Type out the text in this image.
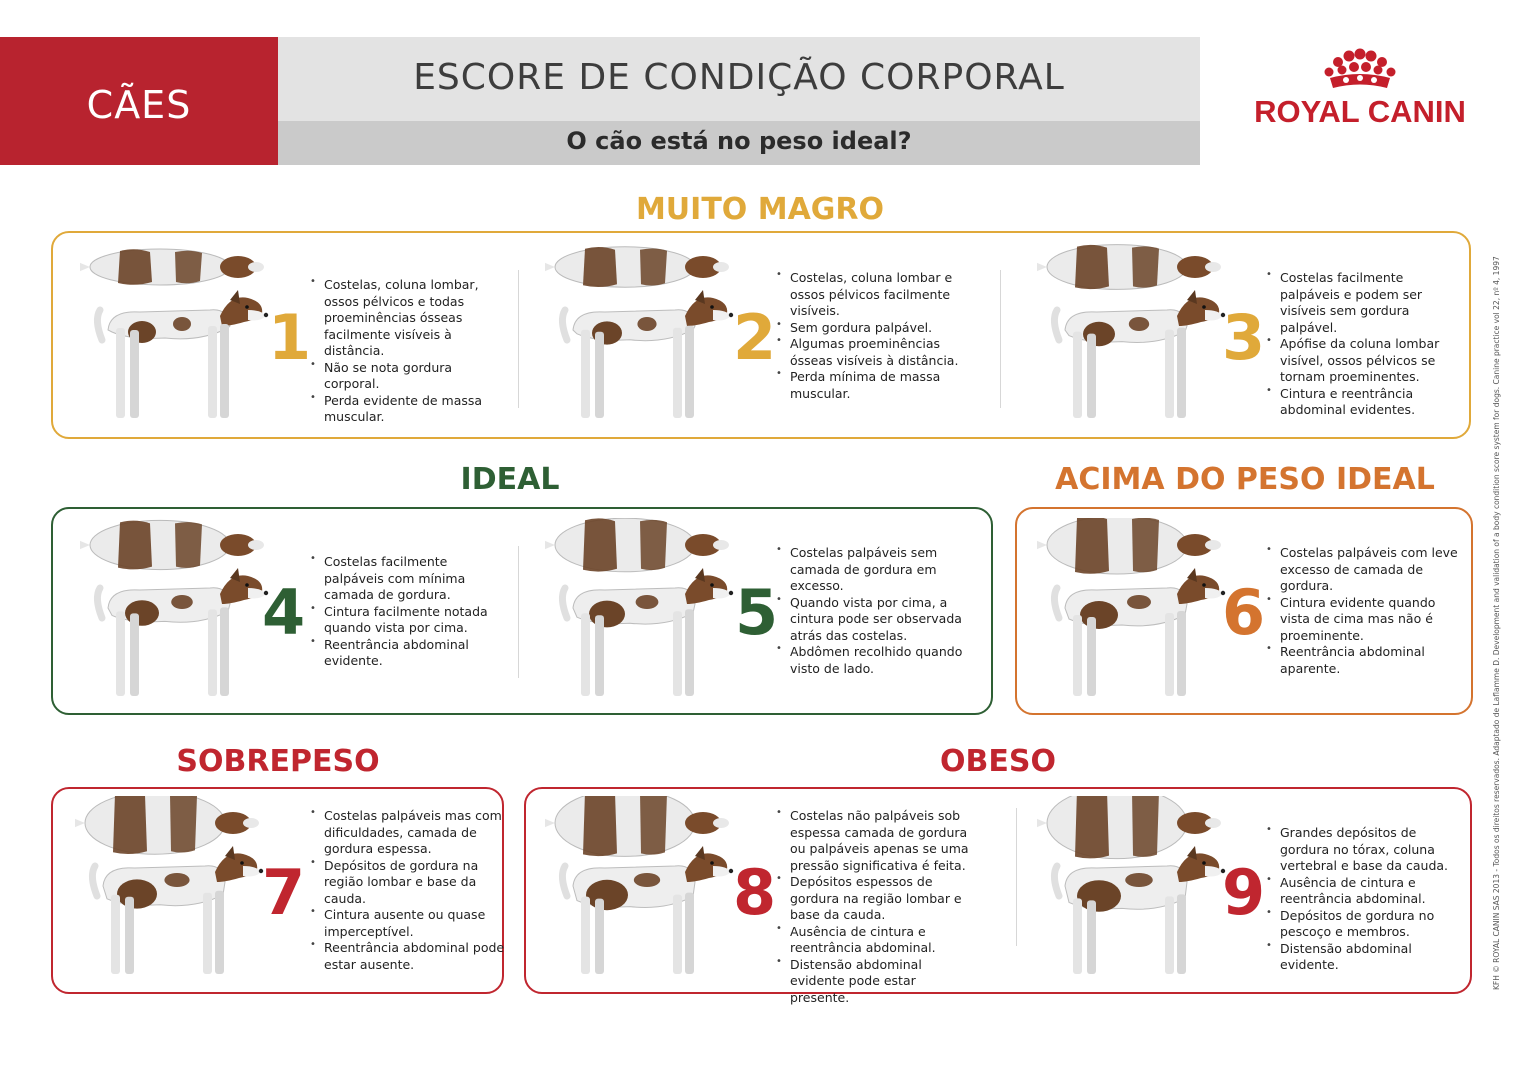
CÃES
ESCORE DE CONDIÇÃO CORPORAL
O cão está no peso ideal?
ROYAL CANIN
MUITO MAGRO
IDEAL	ACIMA DO PESO IDEAL
SOBREPESO	OBESO
1
• Costelas, coluna lombar, ossos pélvicos e todas proeminências ósseas facilmente visíveis à distância.
• Não se nota gordura corporal.
• Perda evidente de massa muscular.
2
• Costelas, coluna lombar e ossos pélvicos facilmente visíveis.
• Sem gordura palpável.
• Algumas proeminências ósseas visíveis à distância.
• Perda mínima de massa muscular.
3
• Costelas facilmente palpáveis e podem ser visíveis sem gordura palpável.
• Apófise da coluna lombar visível, ossos pélvicos se tornam proeminentes.
• Cintura e reentrância abdominal evidentes.
4
• Costelas facilmente palpáveis com mínima camada de gordura.
• Cintura facilmente notada quando vista por cima.
• Reentrância abdominal evidente.
5
• Costelas palpáveis sem camada de gordura em excesso.
• Quando vista por cima, a cintura pode ser observada atrás das costelas.
• Abdômen recolhido quando visto de lado.
6
• Costelas palpáveis com leve excesso de camada de gordura.
• Cintura evidente quando vista de cima mas não é proeminente.
• Reentrância abdominal aparente.
7
• Costelas palpáveis mas com dificuldades, camada de gordura espessa.
• Depósitos de gordura na região lombar e base da cauda.
• Cintura ausente ou quase imperceptível.
• Reentrância abdominal pode estar ausente.
8
• Costelas não palpáveis sob espessa camada de gordura ou palpáveis apenas se uma pressão significativa é feita.
• Depósitos espessos de gordura na região lombar e base da cauda.
• Ausência de cintura e reentrância abdominal.
• Distensão abdominal evidente pode estar presente.
9
• Grandes depósitos de gordura no tórax, coluna vertebral e base da cauda.
• Ausência de cintura e reentrância abdominal.
• Depósitos de gordura no pescoço e membros.
• Distensão abdominal evidente.	KFH © ROYAL CANIN SAS 2013 - Todos os direitos reservados. Adaptado de Laflamme D. Development and validation of a body condition score system for dogs. Canine practice vol 22, nº 4, 1997
